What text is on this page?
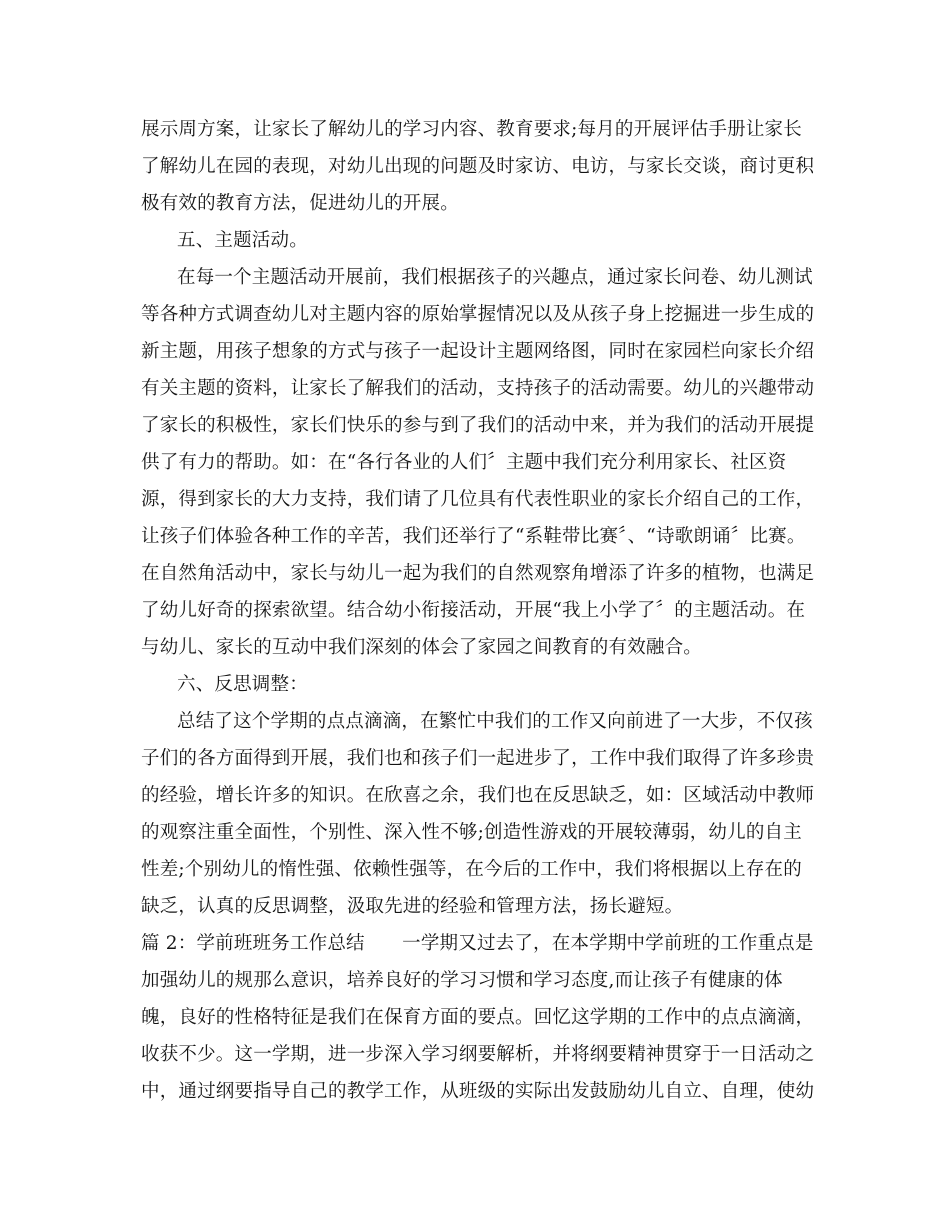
展示周方案，让家长了解幼儿的学习内容、教育要求;每月的开展评估手册让家长
了解幼儿在园的表现，对幼儿出现的问题及时家访、电访，与家长交谈，商讨更积
极有效的教育方法，促进幼儿的开展。
五、主题活动。
在每一个主题活动开展前，我们根据孩子的兴趣点，通过家长问卷、幼儿测试
等各种方式调查幼儿对主题内容的原始掌握情况以及从孩子身上挖掘进一步生成的
新主题，用孩子想象的方式与孩子一起设计主题网络图，同时在家园栏向家长介绍
有关主题的资料，让家长了解我们的活动，支持孩子的活动需要。幼儿的兴趣带动
了家长的积极性，家长们快乐的参与到了我们的活动中来，并为我们的活动开展提
供了有力的帮助。如：在“各行各业的人们〞主题中我们充分利用家长、社区资
源，得到家长的大力支持，我们请了几位具有代表性职业的家长介绍自己的工作，
让孩子们体验各种工作的辛苦，我们还举行了“系鞋带比赛〞、“诗歌朗诵〞比赛。
在自然角活动中，家长与幼儿一起为我们的自然观察角增添了许多的植物，也满足
了幼儿好奇的探索欲望。结合幼小衔接活动，开展“我上小学了〞的主题活动。在
与幼儿、家长的互动中我们深刻的体会了家园之间教育的有效融合。
六、反思调整：
总结了这个学期的点点滴滴，在繁忙中我们的工作又向前进了一大步，不仅孩
子们的各方面得到开展，我们也和孩子们一起进步了，工作中我们取得了许多珍贵
的经验，增长许多的知识。在欣喜之余，我们也在反思缺乏，如：区域活动中教师
的观察注重全面性，个别性、深入性不够;创造性游戏的开展较薄弱，幼儿的自主
性差;个别幼儿的惰性强、依赖性强等，在今后的工作中，我们将根据以上存在的
缺乏，认真的反思调整，汲取先进的经验和管理方法，扬长避短。
篇 2：学前班班务工作总结　　一学期又过去了，在本学期中学前班的工作重点是
加强幼儿的规那么意识，培养良好的学习习惯和学习态度,而让孩子有健康的体
魄，良好的性格特征是我们在保育方面的要点。回忆这学期的工作中的点点滴滴，
收获不少。这一学期，进一步深入学习纲要解析，并将纲要精神贯穿于一日活动之
中，通过纲要指导自己的教学工作，从班级的实际出发鼓励幼儿自立、自理，使幼
